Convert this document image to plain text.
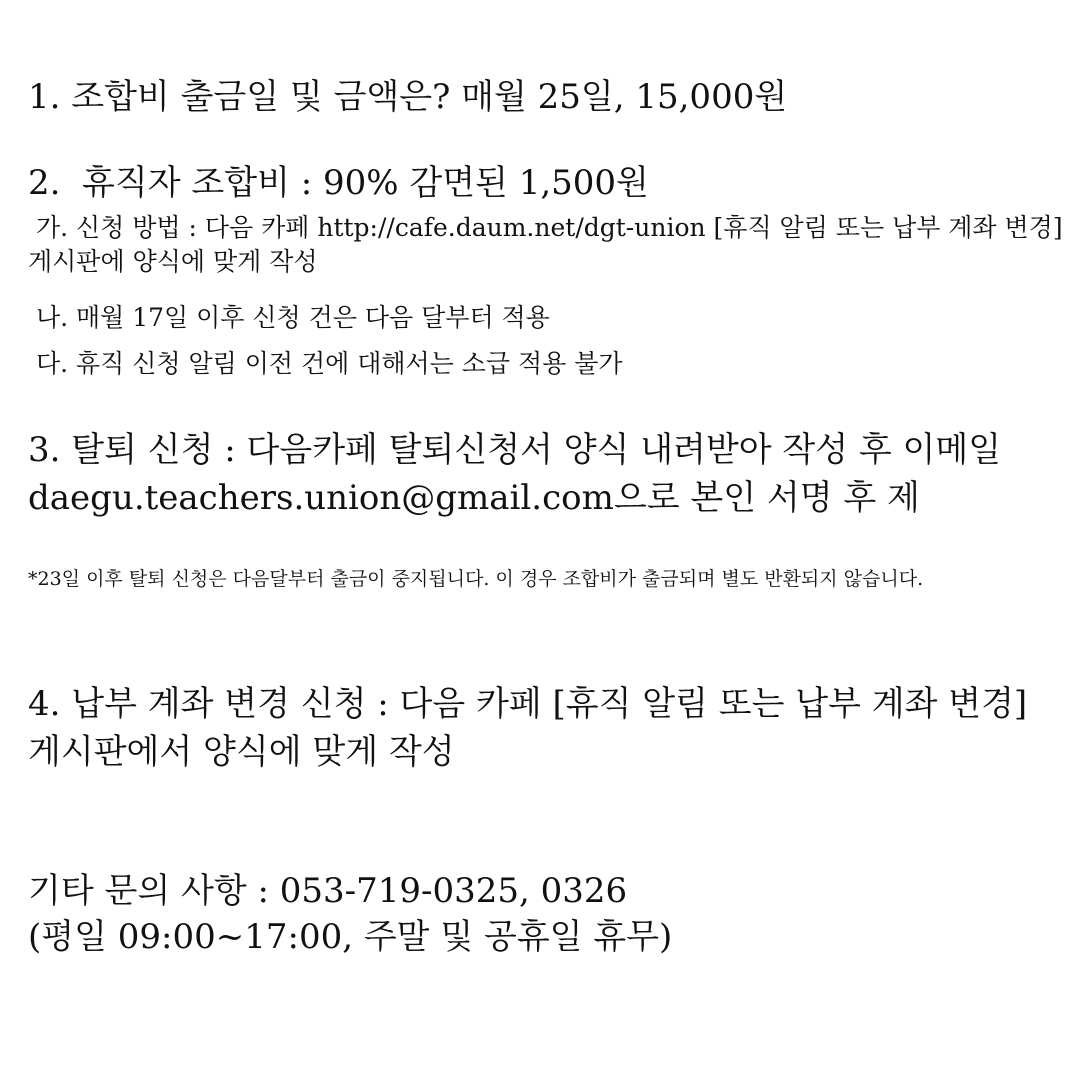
1. 조합비 출금일 및 금액은? 매월 25일, 15,000원
2.  휴직자 조합비 : 90% 감면된 1,500원
가. 신청 방법 : 다음 카페 http://cafe.daum.net/dgt-union [휴직 알림 또는 납부 계좌 변경] 게시판에 양식에 맞게 작성
나. 매월 17일 이후 신청 건은 다음 달부터 적용
다. 휴직 신청 알림 이전 건에 대해서는 소급 적용 불가
3. 탈퇴 신청 : 다음카페 탈퇴신청서 양식 내려받아 작성 후 이메일 daegu.teachers.union@gmail.com으로 본인 서명 후 제
*23일 이후 탈퇴 신청은 다음달부터 출금이 중지됩니다. 이 경우 조합비가 출금되며 별도 반환되지 않습니다.
4. 납부 계좌 변경 신청 : 다음 카페 [휴직 알림 또는 납부 계좌 변경] 게시판에서 양식에 맞게 작성
기타 문의 사항 : 053-719-0325, 0326
(평일 09:00~17:00, 주말 및 공휴일 휴무)
